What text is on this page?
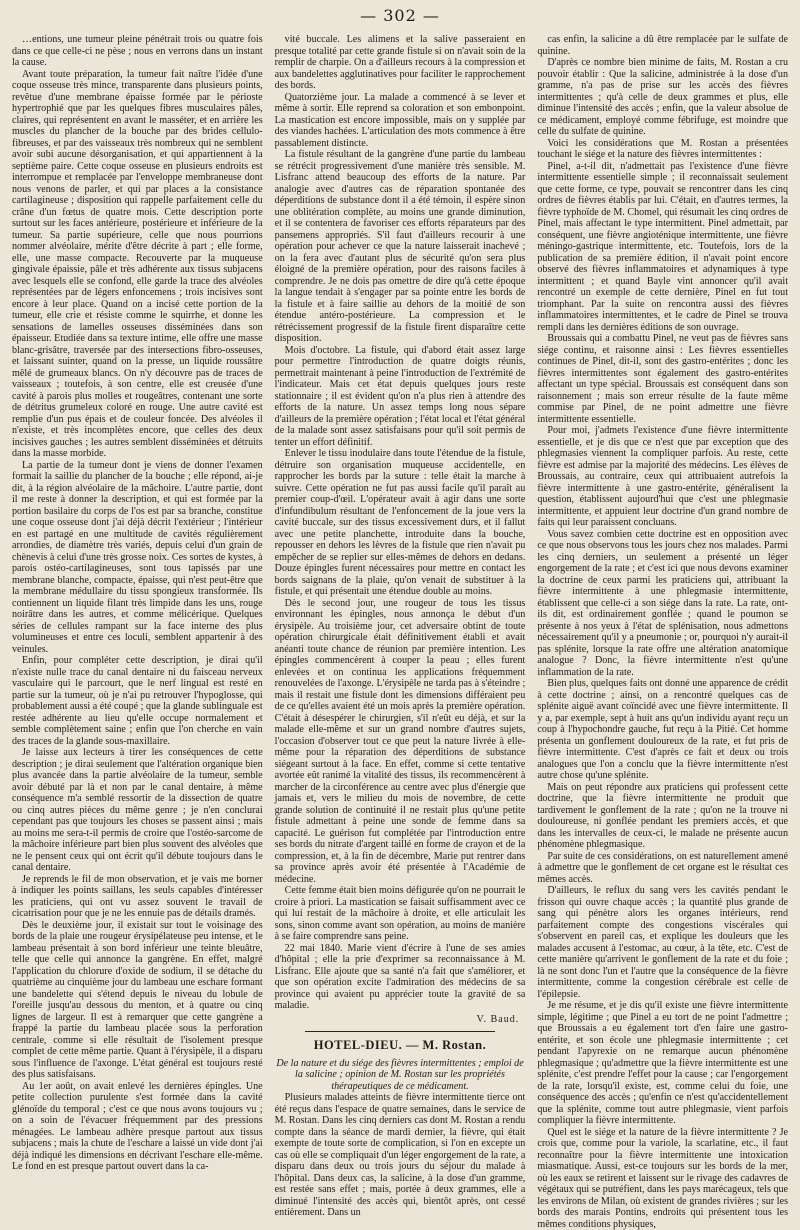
— 302 —

…entions, une tumeur pleine pénétrait trois ou quatre fois dans ce que celle-ci ne pèse ; nous en verrons dans un instant la cause.

Avant toute préparation, la tumeur fait naître l'idée d'une coque osseuse très mince, transparente dans plusieurs points, revêtue d'une membrane épaisse formée par le périoste hypertrophié que par les quelques fibres musculaires pâles, claires, qui représentent en avant le masséter, et en arrière les muscles du plancher de la bouche par des brides cellulo-fibreuses, et par des vaisseaux très nombreux qui ne semblent avoir subi aucune désorganisation, et qui appartiennent à la septième paire. Cette coque osseuse en plusieurs endroits est interrompue et remplacée par l'enveloppe membraneuse dont nous venons de parler, et qui par places a la consistance cartilagineuse ; disposition qui rappelle parfaitement celle du crâne d'un fœtus de quatre mois. Cette description porte surtout sur les faces antérieure, postérieure et inférieure de la tumeur. Sa partie supérieure, celle que nous pourrions nommer alvéolaire, mérite d'être décrite à part ; elle forme, elle, une masse compacte. Recouverte par la muqueuse gingivale épaissie, pâle et très adhérente aux tissus subjacens avec lesquels elle se confond, elle garde la trace des alvéoles représentées par de légers enfoncemens ; trois incisives sont encore à leur place. Quand on a incisé cette portion de la tumeur, elle crie et résiste comme le squirrhe, et donne les sensations de lamelles osseuses disséminées dans son épaisseur. Etudiée dans sa texture intime, elle offre une masse blanc-grisâtre, traversée par des intersections fibro-osseuses, et laissant suinter, quand on la presse, un liquide roussâtre mêlé de grumeaux blancs. On n'y découvre pas de traces de vaisseaux ; toutefois, à son centre, elle est creusée d'une cavité à parois plus molles et rougeâtres, contenant une sorte de détritus grumeleux coloré en rouge. Une autre cavité est remplie d'un pus épais et de couleur foncée. Des alvéoles il n'existe, et très incomplètes encore, que celles des deux incisives gauches ; les autres semblent disséminées et détruits dans la masse morbide.

La partie de la tumeur dont je viens de donner l'examen formait la saillie du plancher de la bouche ; elle répond, ai-je dit, à la région alvéolaire de la mâchoire. L'autre partie, dont il me reste à donner la description, et qui est formée par la portion basilaire du corps de l'os est par sa branche, constitue une coque osseuse dont j'ai déjà décrit l'extérieur ; l'intérieur en est partagé en une multitude de cavités régulièrement arrondies, de diamètre très variés, depuis celui d'un grain de chènevis à celui d'une très grosse noix. Ces sortes de kystes, à parois ostéo-cartilagineuses, sont tous tapissés par une membrane blanche, compacte, épaisse, qui n'est peut-être que la membrane médullaire du tissu spongieux transformée. Ils contiennent un liquide filant très limpide dans les uns, rouge noirâtre dans les autres, et comme mélicérique. Quelques séries de cellules rampant sur la face interne des plus volumineuses et entre ces loculi, semblent appartenir à des veinules.

Enfin, pour compléter cette description, je dirai qu'il n'existe nulle trace du canal dentaire ni du faisceau nerveux vasculaire qui le parcourt, que le nerf lingual est resté en partie sur la tumeur, où je n'ai pu retrouver l'hypoglosse, qui probablement aussi a été coupé ; que la glande sublinguale est restée adhérente au lieu qu'elle occupe normalement et semble complètement saine ; enfin que l'on cherche en vain des traces de la glande sous-maxillaire.

Je laisse aux lecteurs à tirer les conséquences de cette description ; je dirai seulement que l'altération organique bien plus avancée dans la partie alvéolaire de la tumeur, semble avoir débuté par là et non par le canal dentaire, à même conséquence m'a semblé ressortir de la dissection de quatre ou cinq autres pièces du même genre ; je n'en conclurai cependant pas que toujours les choses se passent ainsi ; mais au moins me sera-t-il permis de croire que l'ostéo-sarcome de la mâchoire inférieure part bien plus souvent des alvéoles que ne le pensent ceux qui ont écrit qu'il débute toujours dans le canal dentaire.

Je reprends le fil de mon observation, et je vais me borner à indiquer les points saillans, les seuls capables d'intéresser les praticiens, qui ont vu assez souvent le travail de cicatrisation pour que je ne les ennuie pas de détails dramés.

Dès le deuxième jour, il existait sur tout le voisinage des bords de la plaie une rougeur érysipélateuse peu intense, et le lambeau présentait à son bord inférieur une teinte bleuâtre, telle que celle qui annonce la gangrène. En effet, malgré l'application du chlorure d'oxide de sodium, il se détache du quatrième au cinquième jour du lambeau une eschare formant une bandelette qui s'étend depuis le niveau du lobule de l'oreille jusqu'au dessous du menton, et à quatre ou cinq lignes de largeur. Il est à remarquer que cette gangrène a frappé la partie du lambeau placée sous la perforation centrale, comme si elle résultait de l'isolement presque complet de cette même partie. Quant à l'érysipèle, il a disparu sous l'influence de l'axonge. L'état général est toujours resté des plus satisfaisans.

Au 1er août, on avait enlevé les dernières épingles. Une petite collection purulente s'est formée dans la cavité glénoïde du temporal ; c'est ce que nous avons toujours vu ; on a soin de l'évacuer fréquemment par des pressions ménagées. Le lambeau adhère presque partout aux tissus subjacens ; mais la chute de l'eschare a laissé un vide dont j'ai déjà indiqué les dimensions en décrivant l'eschare elle-même. Le fond en est presque partout ouvert dans la ca-

vité buccale. Les alimens et la salive passeraient en presque totalité par cette grande fistule si on n'avait soin de la remplir de charpie. On a d'ailleurs recours à la compression et aux bandelettes agglutinatives pour faciliter le rapprochement des bords.

Quatorzième jour. La malade a commencé à se lever et même à sortir. Elle reprend sa coloration et son embonpoint. La mastication est encore impossible, mais on y supplée par des viandes hachées. L'articulation des mots commence à être passablement distincte.

La fistule résultant de la gangrène d'une partie du lambeau se rétrécit progressivement d'une manière très sensible. M. Lisfranc attend beaucoup des efforts de la nature. Par analogie avec d'autres cas de réparation spontanée des déperditions de substance dont il a été témoin, il espère sinon une oblitération complète, au moins une grande diminution, et il se contentera de favoriser ces efforts réparateurs par des pansemens appropriés. S'il faut d'ailleurs recourir à une opération pour achever ce que la nature laisserait inachevé ; on la fera avec d'autant plus de sécurité qu'on sera plus éloigné de la première opération, pour des raisons faciles à comprendre. Je ne dois pas omettre de dire qu'à cette époque la langue tendait à s'engager par sa pointe entre les bords de la fistule et à faire saillie au dehors de la moitié de son étendue antéro-postérieure. La compression et le rétrécissement progressif de la fistule firent disparaître cette disposition.

Mois d'octobre. La fistule, qui d'abord était assez large pour permettre l'introduction de quatre doigts réunis, permettrait maintenant à peine l'introduction de l'extrémité de l'indicateur. Mais cet état depuis quelques jours reste stationnaire ; il est évident qu'on n'a plus rien à attendre des efforts de la nature. Un assez temps long nous sépare d'ailleurs de la première opération ; l'état local et l'état général de la malade sont assez satisfaisans pour qu'il soit permis de tenter un effort définitif.

Enlever le tissu inodulaire dans toute l'étendue de la fistule, détruire son organisation muqueuse accidentelle, en rapprocher les bords par la suture : telle était la marche à suivre. Cette opération ne fut pas aussi facile qu'il paraît au premier coup-d'œil. L'opérateur avait à agir dans une sorte d'infundibulum résultant de l'enfoncement de la joue vers la cavité buccale, sur des tissus excessivement durs, et il fallut avec une petite planchette, introduite dans la bouche, repousser en dehors les lèvres de la fistule que rien n'avait pu empêcher de se replier sur elles-mêmes de dehors en dedans. Douze épingles furent nécessaires pour mettre en contact les bords saignans de la plaie, qu'on venait de substituer à la fistule, et qui présentait une étendue double au moins.

Dès le second jour, une rougeur de tous les tissus environnant les épingles, nous annonça le début d'un érysipèle. Au troisième jour, cet adversaire obtint de toute opération chirurgicale était définitivement établi et avait anéanti toute chance de réunion par première intention. Les épingles commencèrent à couper la peau ; elles furent enlevées et on continua les applications fréquemment renouvelées de l'axonge. L'érysipèle ne tarda pas à s'éteindre ; mais il restait une fistule dont les dimensions différaient peu de ce qu'elles avaient été un mois après la première opération. C'était à désespérer le chirurgien, s'il n'eût eu déjà, et sur la malade elle-même et sur un grand nombre d'autres sujets, l'occasion d'observer tout ce que peut la nature livrée à elle-même pour la réparation des déperditions de substance siégeant surtout à la face. En effet, comme si cette tentative avortée eût ranimé la vitalité des tissus, ils recommencèrent à marcher de la circonférence au centre avec plus d'énergie que jamais et, vers le milieu du mois de novembre, de cette grande solution de continuité il ne restait plus qu'une petite fistule admettant à peine une sonde de femme dans sa capacité. Le guérison fut complétée par l'introduction entre ses bords du nitrate d'argent taillé en forme de crayon et de la compression, et, à la fin de décembre, Marie put rentrer dans sa province après avoir été présentée à l'Académie de médecine.

Cette femme était bien moins défigurée qu'on ne pourrait le croire à priori. La mastication se faisait suffisamment avec ce qui lui restait de la mâchoire à droite, et elle articulait les sons, sinon comme avant son opération, au moins de manière à se faire comprendre sans peine.

22 mai 1840. Marie vient d'écrire à l'une de ses amies d'hôpital ; elle la prie d'exprimer sa reconnaissance à M. Lisfranc. Elle ajoute que sa santé n'a fait que s'améliorer, et que son opération excite l'admiration des médecins de sa province qui avaient pu apprécier toute la gravité de sa maladie.

V. Baud.
HOTEL-DIEU. — M. Rostan.

De la nature et du siége des fièvres intermittentes ; emploi de la salicine ; opinion de M. Rostan sur les propriétés thérapeutiques de ce médicament.

Plusieurs malades atteints de fièvre intermittente tierce ont été reçus dans l'espace de quatre semaines, dans le service de M. Rostan. Dans les cinq derniers cas dont M. Rostan a rendu compte dans la séance de mardi dernier, la fièvre, qui était exempte de toute sorte de complication, si l'on en excepte un cas où elle se compliquait d'un léger engorgement de la rate, a disparu dans deux ou trois jours du séjour du malade à l'hôpital. Dans deux cas, la salicine, à la dose d'un gramme, est restée sans effet ; mais, portée à deux grammes, elle a diminué l'intensité des accès qui, bientôt après, ont cessé entièrement. Dans un

cas enfin, la salicine a dû être remplacée par le sulfate de quinine.

D'après ce nombre bien minime de faits, M. Rostan a cru pouvoir établir : Que la salicine, administrée à la dose d'un gramme, n'a pas de prise sur les accès des fièvres intermittentes ; qu'à celle de deux grammes et plus, elle diminue l'intensité des accès ; enfin, que la valeur absolue de ce médicament, employé comme fébrifuge, est moindre que celle du sulfate de quinine.

Voici les considérations que M. Rostan a présentées touchant le siége et la nature des fièvres intermittentes :

Pinel, a-t-il dit, n'admettait pas l'existence d'une fièvre intermittente essentielle simple ; il reconnaissait seulement que cette forme, ce type, pouvait se rencontrer dans les cinq ordres de fièvres établis par lui. C'était, en d'autres termes, la fièvre typhoïde de M. Chomel, qui résumait les cinq ordres de Pinel, mais affectant le type intermittent. Pinel admettait, par conséquent, une fièvre angioténique intermittente, une fièvre méningo-gastrique intermittente, etc. Toutefois, lors de la publication de sa première édition, il n'avait point encore observé des fièvres inflammatoires et adynamiques à type intermittent ; et quand Bayle vint annoncer qu'il avait rencontré un exemple de cette dernière, Pinel en fut tout triomphant. Par la suite on rencontra aussi des fièvres inflammatoires intermittentes, et le cadre de Pinel se trouva rempli dans les dernières éditions de son ouvrage.

Broussais qui a combattu Pinel, ne veut pas de fièvres sans siége continu, et raisonne ainsi : Les fièvres essentielles continues de Pinel, dit-il, sont des gastro-entérites ; donc les fièvres intermittentes sont également des gastro-entérites affectant un type spécial. Broussais est conséquent dans son raisonnement ; mais son erreur résulte de la faute même commise par Pinel, de ne point admettre une fièvre intermittente essentielle.

Pour moi, j'admets l'existence d'une fièvre intermittente essentielle, et je dis que ce n'est que par exception que des phlegmasies viennent la compliquer parfois. Au reste, cette fièvre est admise par la majorité des médecins. Les élèves de Broussais, au contraire, ceux qui attribuaient autrefois la fièvre intermittente à une gastro-entérite, généralisent la question, établissent aujourd'hui que c'est une phlegmasie intermittente, et appuient leur doctrine d'un grand nombre de faits qui leur paraissent concluans.

Vous savez combien cette doctrine est en opposition avec ce que nous observons tous les jours chez nos malades. Parmi les cinq derniers, un seulement a présenté un léger engorgement de la rate ; et c'est ici que nous devons examiner la doctrine de ceux parmi les praticiens qui, attribuant la fièvre intermittente à une phlegmasie intermittente, établissent que celle-ci a son siége dans la rate. La rate, ont-ils dit, est ordinairement gonflée ; quand le poumon se présente à nos yeux à l'état de splénisation, nous admettons nécessairement qu'il y a pneumonie ; or, pourquoi n'y aurait-il pas splénite, lorsque la rate offre une altération anatomique analogue ? Donc, la fièvre intermittente n'est qu'une inflammation de la rate.

Bien plus, quelques faits ont donné une apparence de crédit à cette doctrine ; ainsi, on a rencontré quelques cas de splénite aiguë avant coïncidé avec une fièvre intermittente. Il y a, par exemple, sept à huit ans qu'un individu ayant reçu un coup à l'hypochondre gauche, fut reçu à la Pitié. Cet homme présenta un gonflement douloureux de la rate, et fut pris de fièvre intermittente. C'est d'après ce fait et deux ou trois analogues que l'on a conclu que la fièvre intermittente n'est autre chose qu'une splénite.

Mais on peut répondre aux praticiens qui professent cette doctrine, que la fièvre intermittente ne produit que tardivement le gonflement de la rate ; qu'on ne la trouve ni douloureuse, ni gonflée pendant les premiers accès, et que dans les intervalles de ceux-ci, le malade ne présente aucun phénomène phlegmasique.

Par suite de ces considérations, on est naturellement amené à admettre que le gonflement de cet organe est le résultat ces mêmes accès.

D'ailleurs, le reflux du sang vers les cavités pendant le frisson qui ouvre chaque accès ; la quantité plus grande de sang qui pénètre alors les organes intérieurs, rend parfaitement compte des congestions viscérales qui s'observent en pareil cas, et explique les douleurs que les malades accusent à l'estomac, au cœur, à la tête, etc. C'est de cette manière qu'arrivent le gonflement de la rate et du foie ; là ne sont donc l'un et l'autre que la conséquence de la fièvre intermittente, comme la congestion cérébrale est celle de l'épilepsie.

Je me résume, et je dis qu'il existe une fièvre intermittente simple, légitime ; que Pinel a eu tort de ne point l'admettre ; que Broussais a eu également tort d'en faire une gastro-entérite, et son école une phlegmasie intermittente ; cet pendant l'apyrexie on ne remarque aucun phénomène phlegmasique ; qu'admettre que la fièvre intermittente est une splénite, c'est prendre l'effet pour la cause ; car l'engorgement de la rate, lorsqu'il existe, est, comme celui du foie, une conséquence des accès ; qu'enfin ce n'est qu'accidentellement que la splénite, comme tout autre phlegmasie, vient parfois compliquer la fièvre intermittente.

Quel est le siége et la nature de la fièvre intermittente ? Je crois que, comme pour la variole, la scarlatine, etc., il faut reconnaître pour la fièvre intermittente une intoxication miasmatique. Aussi, est-ce toujours sur les bords de la mer, où les eaux se retirent et laissent sur le rivage des cadavres de végétaux qui se putréfient, dans les pays marécageux, tels que les environs de Milan, où existent de grandes rivières ; sur les bords des marais Pontins, endroits qui présentent tous les mêmes conditions physiques,
